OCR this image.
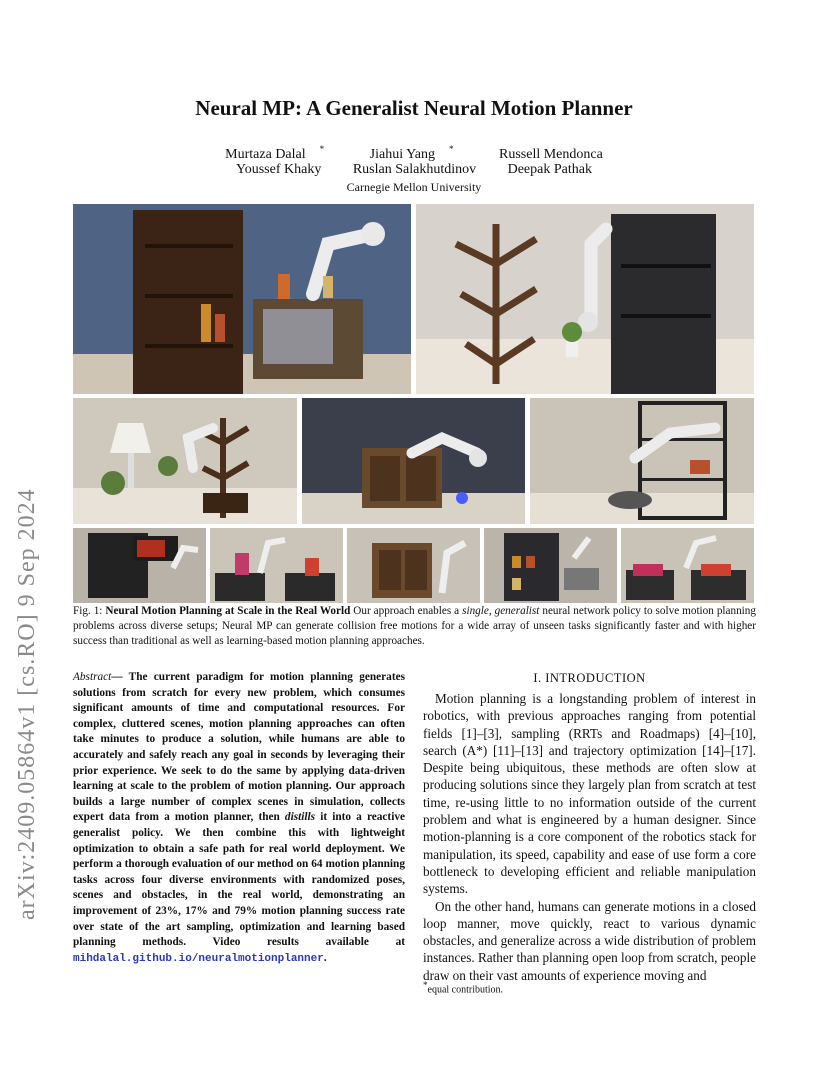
arXiv:2409.05864v1 [cs.RO] 9 Sep 2024
Neural MP: A Generalist Neural Motion Planner
Murtaza Dalal *	Jiahui Yang *	Russell Mendonca
Youssef Khaky Ruslan Salakhutdinov Deepak Pathak
Carnegie Mellon University
Fig. 1: Neural Motion Planning at Scale in the Real World Our approach enables a single, generalist neural network policy to solve motion planning problems across diverse setups; Neural MP can generate collision free motions for a wide array of unseen tasks significantly faster and with higher success than traditional as well as learning-based motion planning approaches.
Abstract— The current paradigm for motion planning generates solutions from scratch for every new problem, which consumes significant amounts of time and computational resources. For complex, cluttered scenes, motion planning approaches can often take minutes to produce a solution, while humans are able to accurately and safely reach any goal in seconds by leveraging their prior experience. We seek to do the same by applying data-driven learning at scale to the problem of motion planning. Our approach builds a large number of complex scenes in simulation, collects expert data from a motion planner, then distills it into a reactive generalist policy. We then combine this with lightweight optimization to obtain a safe path for real world deployment. We perform a thorough evaluation of our method on 64 motion planning tasks across four diverse environments with randomized poses, scenes and obstacles, in the real world, demonstrating an improvement of 23%, 17% and 79% motion planning success rate over state of the art sampling, optimization and learning based planning methods. Video results available at mihdalal.github.io/neuralmotionplanner.
I. INTRODUCTION

Motion planning is a longstanding problem of interest in robotics, with previous approaches ranging from potential fields [1]–[3], sampling (RRTs and Roadmaps) [4]–[10], search (A*) [11]–[13] and trajectory optimization [14]–[17]. Despite being ubiquitous, these methods are often slow at producing solutions since they largely plan from scratch at test time, re-using little to no information outside of the current problem and what is engineered by a human designer. Since motion-planning is a core component of the robotics stack for manipulation, its speed, capability and ease of use form a core bottleneck to developing efficient and reliable manipulation systems.

On the other hand, humans can generate motions in a closed loop manner, move quickly, react to various dynamic obstacles, and generalize across a wide distribution of problem instances. Rather than planning open loop from scratch, people draw on their vast amounts of experience moving and

*equal contribution.
